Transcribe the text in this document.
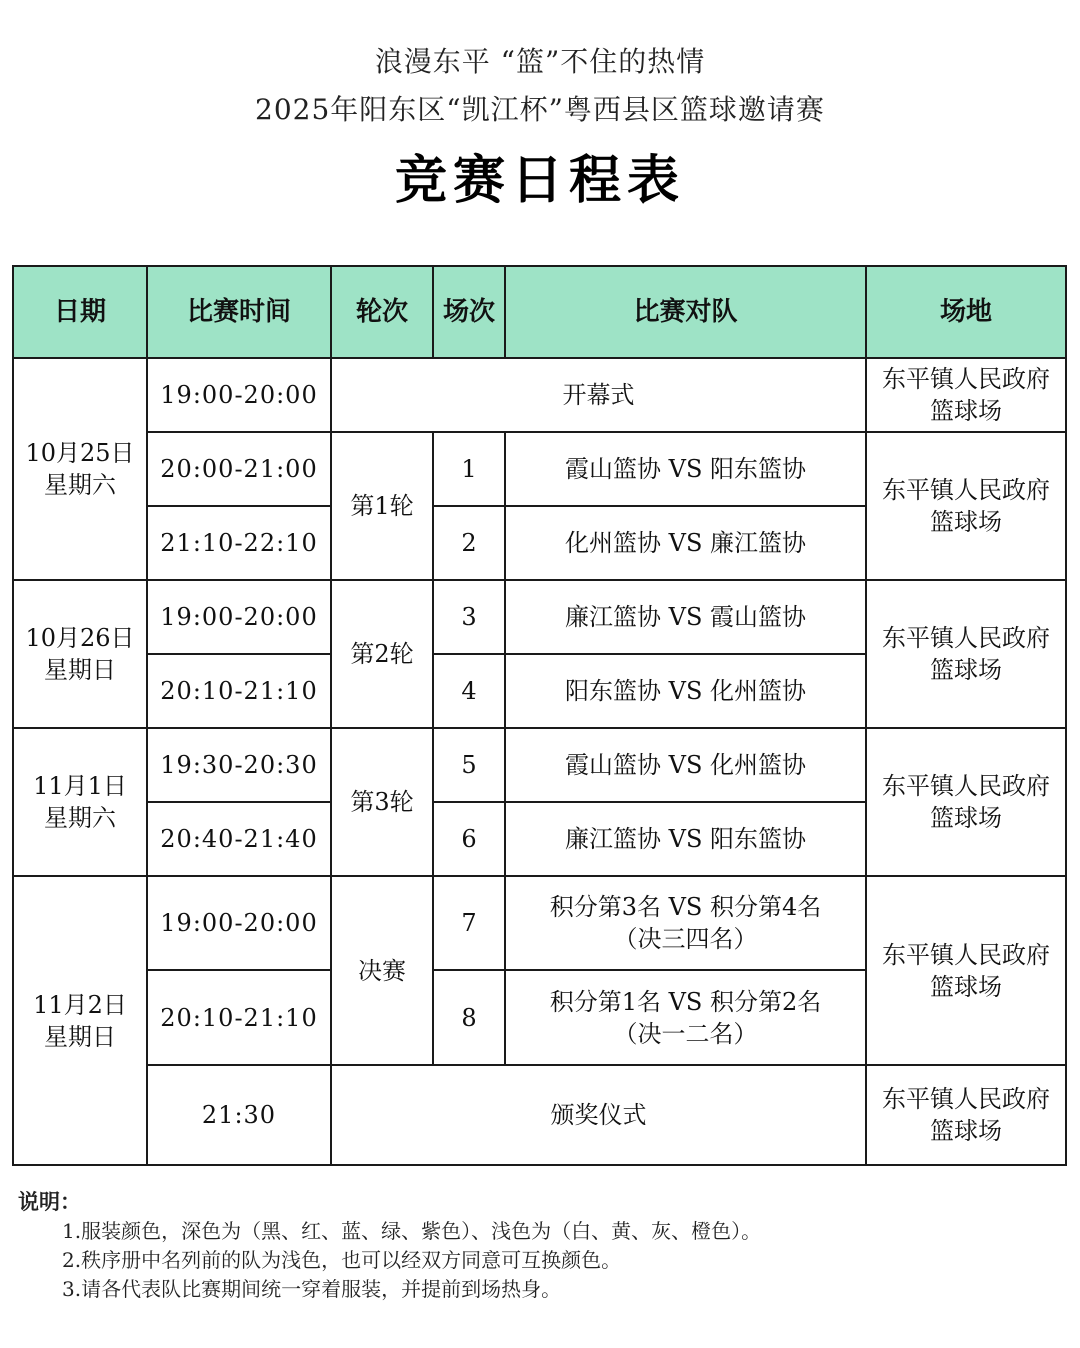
浪漫东平 “篮”不住的热情
2025年阳东区“凯江杯”粤西县区篮球邀请赛
竞赛日程表
日期	比赛时间	轮次	场次	比赛对队	场地

10月25日
星期六	19:00-20:00	开幕式			东平镇人民政府篮球场
	20:00-21:00	第1轮	1	霞山篮协 VS 阳东篮协	东平镇人民政府篮球场
	21:10-22:10		2	化州篮协 VS 廉江篮协	

10月26日
星期日	19:00-20:00	第2轮	3	廉江篮协 VS 霞山篮协	东平镇人民政府篮球场
	20:10-21:10		4	阳东篮协 VS 化州篮协	

11月1日
星期六	19:30-20:30	第3轮	5	霞山篮协 VS 化州篮协	东平镇人民政府篮球场
	20:40-21:40		6	廉江篮协 VS 阳东篮协	

11月2日
星期日	19:00-20:00	决赛	7	积分第3名 VS 积分第4名
（决三四名）	东平镇人民政府篮球场
	20:10-21:10		8	积分第1名 VS 积分第2名
（决一二名）	

	21:30	颁奖仪式			东平镇人民政府篮球场
说明：
1.服装颜色，深色为（黑、红、蓝、绿、紫色）、浅色为（白、黄、灰、橙色）。
2.秩序册中名列前的队为浅色，也可以经双方同意可互换颜色。
3.请各代表队比赛期间统一穿着服装，并提前到场热身。
